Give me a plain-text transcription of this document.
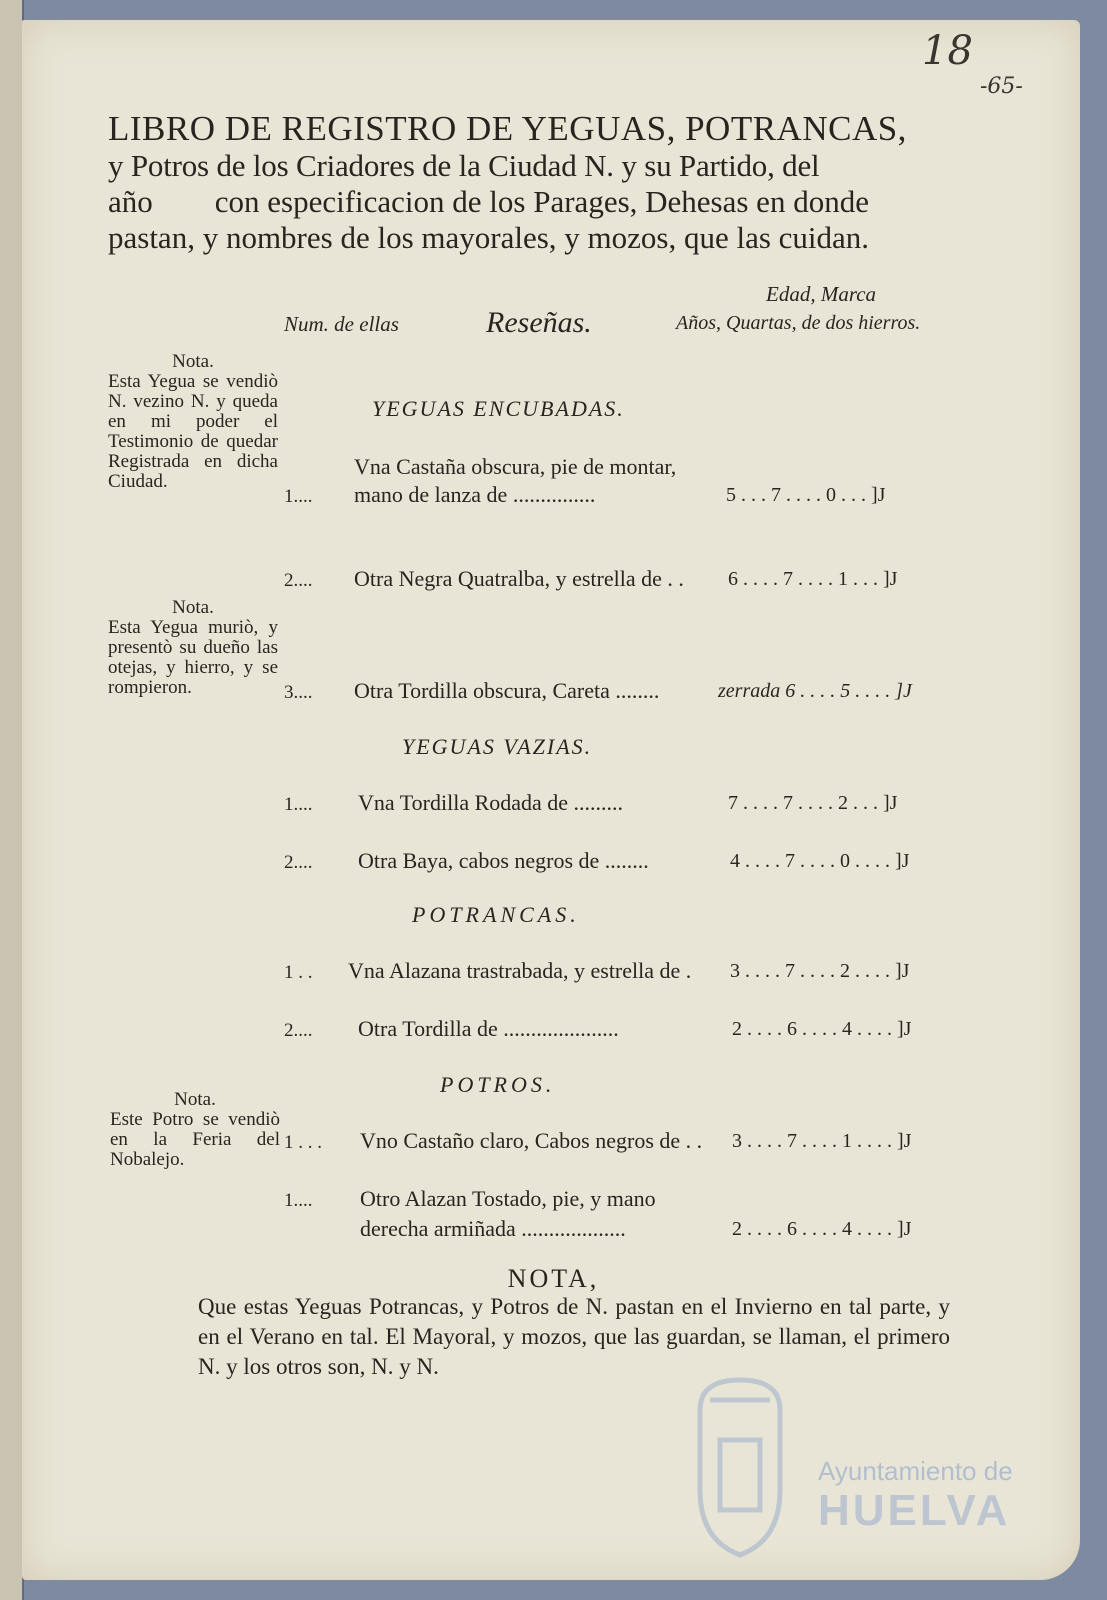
18
-65-
LIBRO DE REGISTRO DE YEGUAS, POTRANCAS,
y Potros de los Criadores de la Ciudad N. y su Partido, del
año        con especificacion de los Parages, Dehesas en donde
pastan, y nombres de los mayorales, y mozos, que las cuidan.
Edad, Marca
Num. de ellas	Reseñas.	Años, Quartas, de dos hierros.
Nota.
Esta Yegua se vendiò N. vezino N. y queda en mi poder el Testimonio de quedar Registrada en dicha Ciudad.
Nota.
Esta Yegua muriò, y presentò su dueño las otejas, y hierro, y se rompieron.
Nota.
Este Potro se vendiò en la Feria del Nobalejo.
YEGUAS ENCUBADAS.
YEGUAS VAZIAS.
POTRANCAS.
POTROS.
Vna Castaña obscura, pie de montar,
1.... mano de lanza de ...............	5 . . . 7 . . . . 0 . . . ]J
2.... Otra Negra Quatralba, y estrella de . . 6 . . . . 7 . . . . 1 . . . ]J
3.... Otra Tordilla obscura, Careta ........	zerrada 6 . . . . 5 . . . . ]J
1.... Vna Tordilla Rodada de .........	7 . . . . 7 . . . . 2 . . . ]J
2.... Otra Baya, cabos negros de ........	4 . . . . 7 . . . . 0 . . . . ]J
1 . . Vna Alazana trastrabada, y estrella de . 3 . . . . 7 . . . . 2 . . . . ]J
2.... Otra Tordilla de .....................	2 . . . . 6 . . . . 4 . . . . ]J
1 . . . Vno Castaño claro, Cabos negros de . . 3 . . . . 7 . . . . 1 . . . . ]J
1.... Otro Alazan Tostado, pie, y mano
derecha armiñada ...................	2 . . . . 6 . . . . 4 . . . . ]J
NOTA,
Que estas Yeguas Potrancas, y Potros de N. pastan en el Invierno en tal parte, y en el Verano en tal. El Mayoral, y mozos, que las guardan, se llaman, el primero N. y los otros son, N. y N.
Ayuntamiento de
HUELVA
